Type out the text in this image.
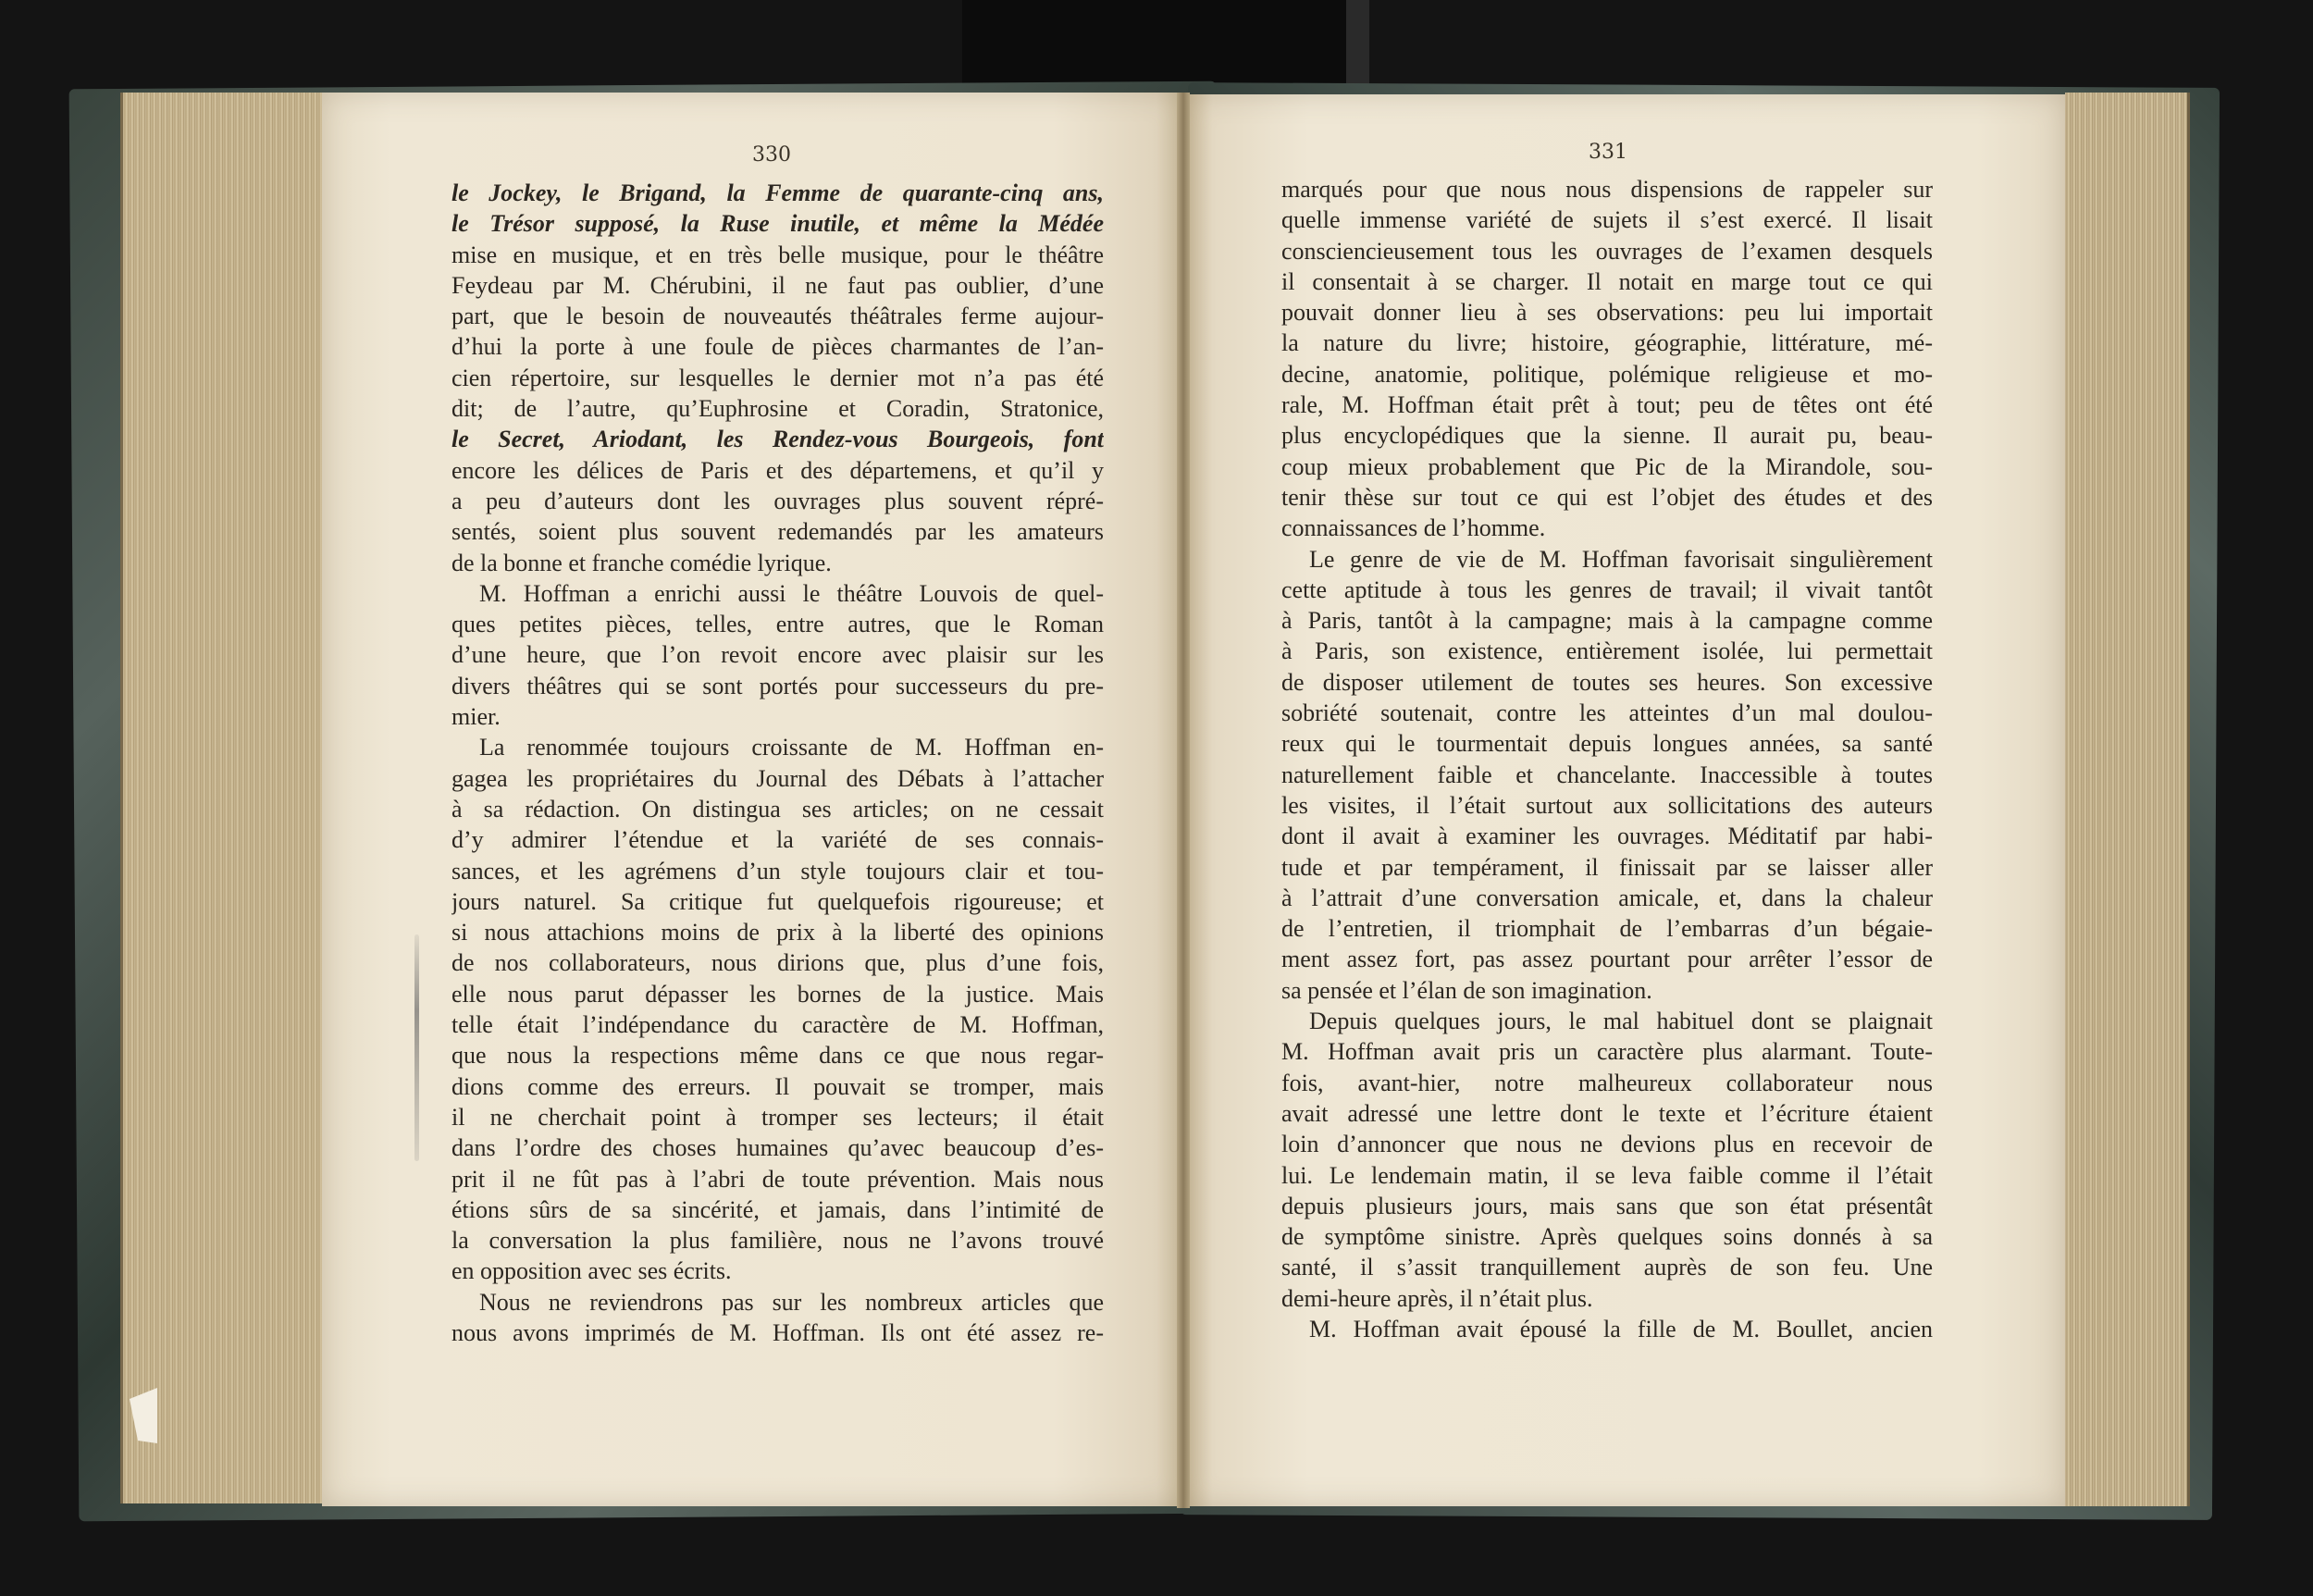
330	331
le Jockey, le Brigand, la Femme de quarante-cinq ans,
le Trésor supposé, la Ruse inutile, et même la Médée
mise en musique, et en très belle musique, pour le théâtre
Feydeau par M. Chérubini, il ne faut pas oublier, d’une
part, que le besoin de nouveautés théâtrales ferme aujour-
d’hui la porte à une foule de pièces charmantes de l’an-
cien répertoire, sur lesquelles le dernier mot n’a pas été
dit; de l’autre, qu’Euphrosine et Coradin, Stratonice,
le Secret, Ariodant, les Rendez-vous Bourgeois, font
encore les délices de Paris et des départemens, et qu’il y
a peu d’auteurs dont les ouvrages plus souvent répré-
sentés, soient plus souvent redemandés par les amateurs
de la bonne et franche comédie lyrique.
M. Hoffman a enrichi aussi le théâtre Louvois de quel-
ques petites pièces, telles, entre autres, que le Roman
d’une heure, que l’on revoit encore avec plaisir sur les
divers théâtres qui se sont portés pour successeurs du pre-
mier.
La renommée toujours croissante de M. Hoffman en-
gagea les propriétaires du Journal des Débats à l’attacher
à sa rédaction. On distingua ses articles; on ne cessait
d’y admirer l’étendue et la variété de ses connais-
sances, et les agrémens d’un style toujours clair et tou-
jours naturel. Sa critique fut quelquefois rigoureuse; et
si nous attachions moins de prix à la liberté des opinions
de nos collaborateurs, nous dirions que, plus d’une fois,
elle nous parut dépasser les bornes de la justice. Mais
telle était l’indépendance du caractère de M. Hoffman,
que nous la respections même dans ce que nous regar-
dions comme des erreurs. Il pouvait se tromper, mais
il ne cherchait point à tromper ses lecteurs; il était
dans l’ordre des choses humaines qu’avec beaucoup d’es-
prit il ne fût pas à l’abri de toute prévention. Mais nous
étions sûrs de sa sincérité, et jamais, dans l’intimité de
la conversation la plus familière, nous ne l’avons trouvé
en opposition avec ses écrits.
Nous ne reviendrons pas sur les nombreux articles que
nous avons imprimés de M. Hoffman. Ils ont été assez re-
marqués pour que nous nous dispensions de rappeler sur
quelle immense variété de sujets il s’est exercé. Il lisait
consciencieusement tous les ouvrages de l’examen desquels
il consentait à se charger. Il notait en marge tout ce qui
pouvait donner lieu à ses observations: peu lui importait
la nature du livre; histoire, géographie, littérature, mé-
decine, anatomie, politique, polémique religieuse et mo-
rale, M. Hoffman était prêt à tout; peu de têtes ont été
plus encyclopédiques que la sienne. Il aurait pu, beau-
coup mieux probablement que Pic de la Mirandole, sou-
tenir thèse sur tout ce qui est l’objet des études et des
connaissances de l’homme.
Le genre de vie de M. Hoffman favorisait singulièrement
cette aptitude à tous les genres de travail; il vivait tantôt
à Paris, tantôt à la campagne; mais à la campagne comme
à Paris, son existence, entièrement isolée, lui permettait
de disposer utilement de toutes ses heures. Son excessive
sobriété soutenait, contre les atteintes d’un mal doulou-
reux qui le tourmentait depuis longues années, sa santé
naturellement faible et chancelante. Inaccessible à toutes
les visites, il l’était surtout aux sollicitations des auteurs
dont il avait à examiner les ouvrages. Méditatif par habi-
tude et par tempérament, il finissait par se laisser aller
à l’attrait d’une conversation amicale, et, dans la chaleur
de l’entretien, il triomphait de l’embarras d’un bégaie-
ment assez fort, pas assez pourtant pour arrêter l’essor de
sa pensée et l’élan de son imagination.
Depuis quelques jours, le mal habituel dont se plaignait
M. Hoffman avait pris un caractère plus alarmant. Toute-
fois, avant-hier, notre malheureux collaborateur nous
avait adressé une lettre dont le texte et l’écriture étaient
loin d’annoncer que nous ne devions plus en recevoir de
lui. Le lendemain matin, il se leva faible comme il l’était
depuis plusieurs jours, mais sans que son état présentât
de symptôme sinistre. Après quelques soins donnés à sa
santé, il s’assit tranquillement auprès de son feu. Une
demi-heure après, il n’était plus.
M. Hoffman avait épousé la fille de M. Boullet, ancien
